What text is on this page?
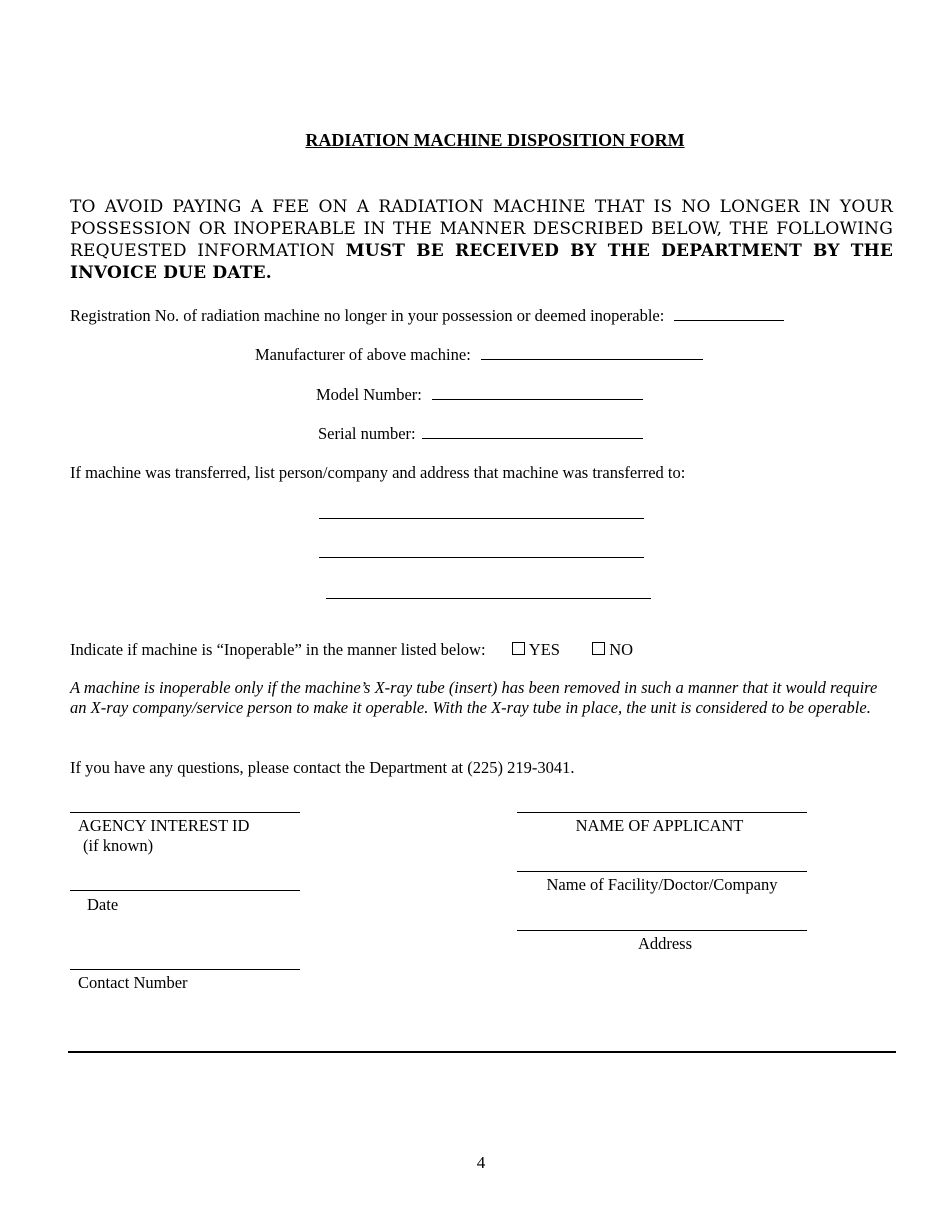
RADIATION MACHINE DISPOSITION FORM
TO AVOID PAYING A FEE ON A RADIATION MACHINE THAT IS NO LONGER IN YOUR POSSESSION OR INOPERABLE IN THE MANNER DESCRIBED BELOW, THE FOLLOWING REQUESTED INFORMATION MUST BE RECEIVED BY THE DEPARTMENT BY THE INVOICE DUE DATE.
Registration No. of radiation machine no longer in your possession or deemed inoperable:
Manufacturer of above machine:
Model Number:
Serial number:
If machine was transferred, list person/company and address that machine was transferred to:
Indicate if machine is “Inoperable” in the manner listed below:	YES	NO
A machine is inoperable only if the machine’s X-ray tube (insert) has been removed in such a manner that it would require an X-ray company/service person to make it operable. With the X-ray tube in place, the unit is considered to be operable.
If you have any questions, please contact the Department at (225) 219-3041.
AGENCY INTEREST ID
(if known)
Date
Contact Number
NAME OF APPLICANT
Name of Facility/Doctor/Company
Address
4
